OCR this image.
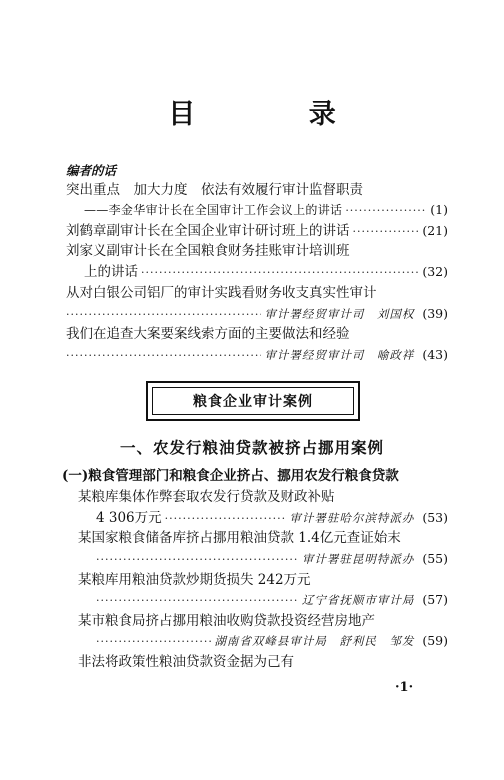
目 录
编者的话
突出重点　加大力度　依法有效履行审计监督职责
——李金华审计长在全国审计工作会议上的讲话 ·····	(1)
刘鹤章副审计长在全国企业审计研讨班上的讲话 ·····	(21)
刘家义副审计长在全国粮食财务挂账审计培训班
上的讲话 ·····	(32)
从对白银公司铝厂的审计实践看财务收支真实性审计
·····
审计署经贸审计司　刘国权 (39)
我们在追查大案要案线索方面的主要做法和经验
·····
审计署经贸审计司　喻政祥 (43)
粮食企业审计案例
一、农发行粮油贷款被挤占挪用案例
(一)粮食管理部门和粮食企业挤占、挪用农发行粮食贷款
某粮库集体作弊套取农发行贷款及财政补贴
4 306万元 ·····	审计署驻哈尔滨特派办 (53)
某国家粮食储备库挤占挪用粮油贷款 1.4亿元查证始末
·····
审计署驻昆明特派办 (55)
某粮库用粮油贷款炒期货损失 242万元
·····
辽宁省抚顺市审计局 (57)
某市粮食局挤占挪用粮油收购贷款投资经营房地产
·····
湖南省双峰县审计局　舒利民　邹发 (59)
非法将政策性粮油贷款资金据为己有
·1·
